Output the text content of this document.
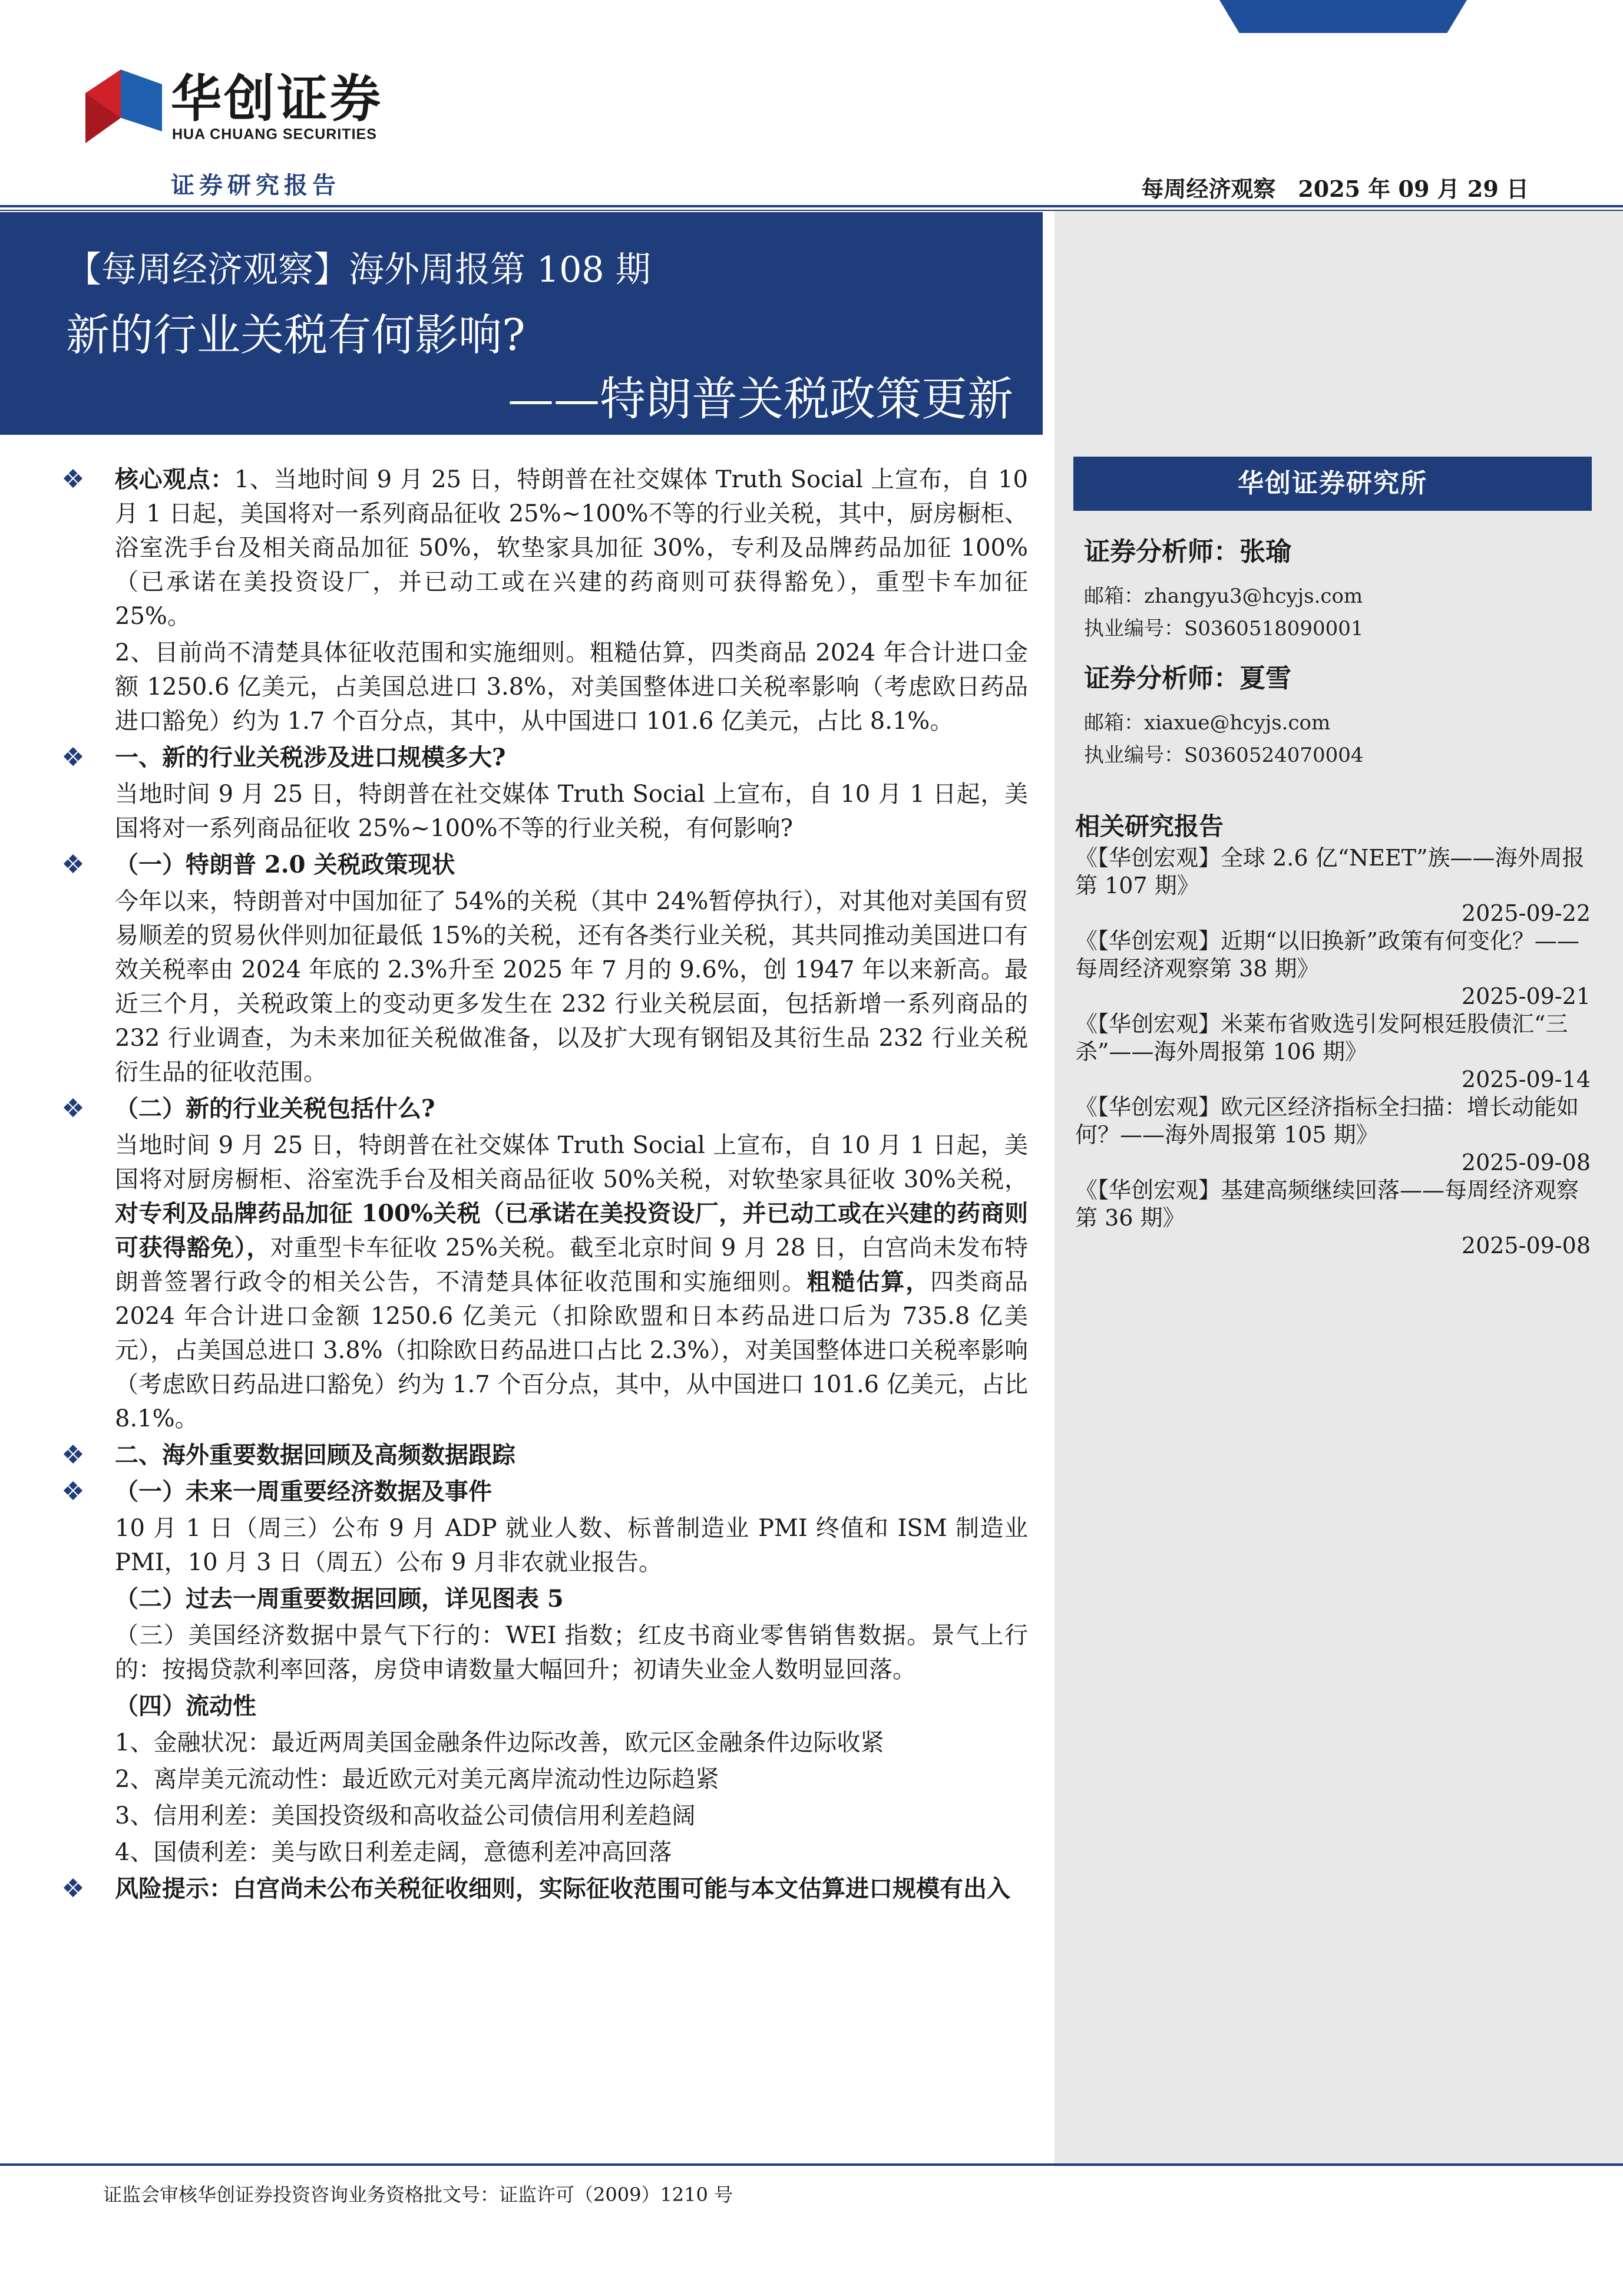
华创证券
HUA CHUANG SECURITIES
证券研究报告	每周经济观察　2025 年 09 月 29 日
【每周经济观察】海外周报第 108 期
新的行业关税有何影响?
——特朗普关税政策更新
❖ 核心观点：1、当地时间 9 月 25 日，特朗普在社交媒体 Truth Social 上宣布，自 10 月 1 日起，美国将对一系列商品征收 25%~100%不等的行业关税，其中，厨房橱柜、浴室洗手台及相关商品加征 50%，软垫家具加征 30%，专利及品牌药品加征 100%（已承诺在美投资设厂，并已动工或在兴建的药商则可获得豁免），重型卡车加征 25%。
2、目前尚不清楚具体征收范围和实施细则。粗糙估算，四类商品 2024 年合计进口金额 1250.6 亿美元，占美国总进口 3.8%，对美国整体进口关税率影响（考虑欧日药品进口豁免）约为 1.7 个百分点，其中，从中国进口 101.6 亿美元，占比 8.1%。
❖ 一、新的行业关税涉及进口规模多大?
当地时间 9 月 25 日，特朗普在社交媒体 Truth Social 上宣布，自 10 月 1 日起，美国将对一系列商品征收 25%~100%不等的行业关税，有何影响?
❖ （一）特朗普 2.0 关税政策现状
今年以来，特朗普对中国加征了 54%的关税（其中 24%暂停执行），对其他对美国有贸易顺差的贸易伙伴则加征最低 15%的关税，还有各类行业关税，其共同推动美国进口有效关税率由 2024 年底的 2.3%升至 2025 年 7 月的 9.6%，创 1947 年以来新高。最近三个月，关税政策上的变动更多发生在 232 行业关税层面，包括新增一系列商品的 232 行业调查，为未来加征关税做准备，以及扩大现有钢铝及其衍生品 232 行业关税衍生品的征收范围。
❖ （二）新的行业关税包括什么?
当地时间 9 月 25 日，特朗普在社交媒体 Truth Social 上宣布，自 10 月 1 日起，美国将对厨房橱柜、浴室洗手台及相关商品征收 50%关税，对软垫家具征收 30%关税，对专利及品牌药品加征 100%关税（已承诺在美投资设厂，并已动工或在兴建的药商则可获得豁免），对重型卡车征收 25%关税。截至北京时间 9 月 28 日，白宫尚未发布特朗普签署行政令的相关公告，不清楚具体征收范围和实施细则。粗糙估算，四类商品 2024 年合计进口金额 1250.6 亿美元（扣除欧盟和日本药品进口后为 735.8 亿美元），占美国总进口 3.8%（扣除欧日药品进口占比 2.3%），对美国整体进口关税率影响（考虑欧日药品进口豁免）约为 1.7 个百分点，其中，从中国进口 101.6 亿美元，占比 8.1%。
❖ 二、海外重要数据回顾及高频数据跟踪
❖ （一）未来一周重要经济数据及事件
10 月 1 日（周三）公布 9 月 ADP 就业人数、标普制造业 PMI 终值和 ISM 制造业 PMI，10 月 3 日（周五）公布 9 月非农就业报告。
（二）过去一周重要数据回顾，详见图表 5
（三）美国经济数据中景气下行的：WEI 指数；红皮书商业零售销售数据。景气上行的：按揭贷款利率回落，房贷申请数量大幅回升；初请失业金人数明显回落。
（四）流动性
1、金融状况：最近两周美国金融条件边际改善，欧元区金融条件边际收紧
2、离岸美元流动性：最近欧元对美元离岸流动性边际趋紧
3、信用利差：美国投资级和高收益公司债信用利差趋阔
4、国债利差：美与欧日利差走阔，意德利差冲高回落
❖ 风险提示：白宫尚未公布关税征收细则，实际征收范围可能与本文估算进口规模有出入
华创证券研究所
证券分析师：张瑜
邮箱：zhangyu3@hcyjs.com
执业编号：S0360518090001
证券分析师：夏雪
邮箱：xiaxue@hcyjs.com
执业编号：S0360524070004
相关研究报告
《【华创宏观】全球 2.6 亿“NEET”族——海外周报第 107 期》
2025-09-22
《【华创宏观】近期“以旧换新”政策有何变化？——每周经济观察第 38 期》
2025-09-21
《【华创宏观】米莱布省败选引发阿根廷股债汇“三杀”——海外周报第 106 期》
2025-09-14
《【华创宏观】欧元区经济指标全扫描：增长动能如何？——海外周报第 105 期》
2025-09-08
《【华创宏观】基建高频继续回落——每周经济观察第 36 期》
2025-09-08
证监会审核华创证券投资咨询业务资格批文号：证监许可（2009）1210 号
